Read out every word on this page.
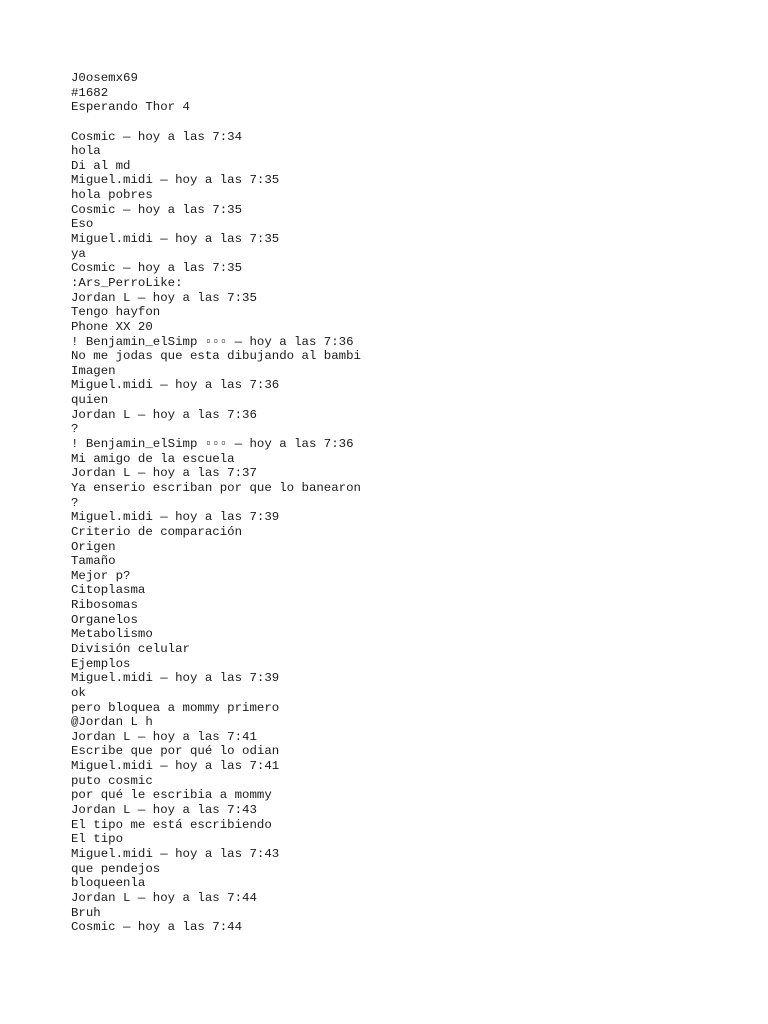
J0osemx69
#1682
Esperando Thor 4
Cosmic — hoy a las 7:34
hola
Di al md
Miguel.midi — hoy a las 7:35
hola pobres
Cosmic — hoy a las 7:35
Eso
Miguel.midi — hoy a las 7:35
ya
Cosmic — hoy a las 7:35
:Ars_PerroLike:
Jordan L — hoy a las 7:35
Tengo hayfon
Phone XX 20
! Benjamin_elSimp ▫▫▫ — hoy a las 7:36
No me jodas que esta dibujando al bambi
Imagen
Miguel.midi — hoy a las 7:36
quien
Jordan L — hoy a las 7:36
?
! Benjamin_elSimp ▫▫▫ — hoy a las 7:36
Mi amigo de la escuela
Jordan L — hoy a las 7:37
Ya enserio escriban por que lo banearon
?
Miguel.midi — hoy a las 7:39
Criterio de comparación
Origen
Tamaño
Mejor p?
Citoplasma
Ribosomas
Organelos
Metabolismo
División celular
Ejemplos
Miguel.midi — hoy a las 7:39
ok
pero bloquea a mommy primero
@Jordan L h
Jordan L — hoy a las 7:41
Escribe que por qué lo odian
Miguel.midi — hoy a las 7:41
puto cosmic
por qué le escribia a mommy
Jordan L — hoy a las 7:43
El tipo me está escribiendo
El tipo
Miguel.midi — hoy a las 7:43
que pendejos
bloqueenla
Jordan L — hoy a las 7:44
Bruh
Cosmic — hoy a las 7:44
